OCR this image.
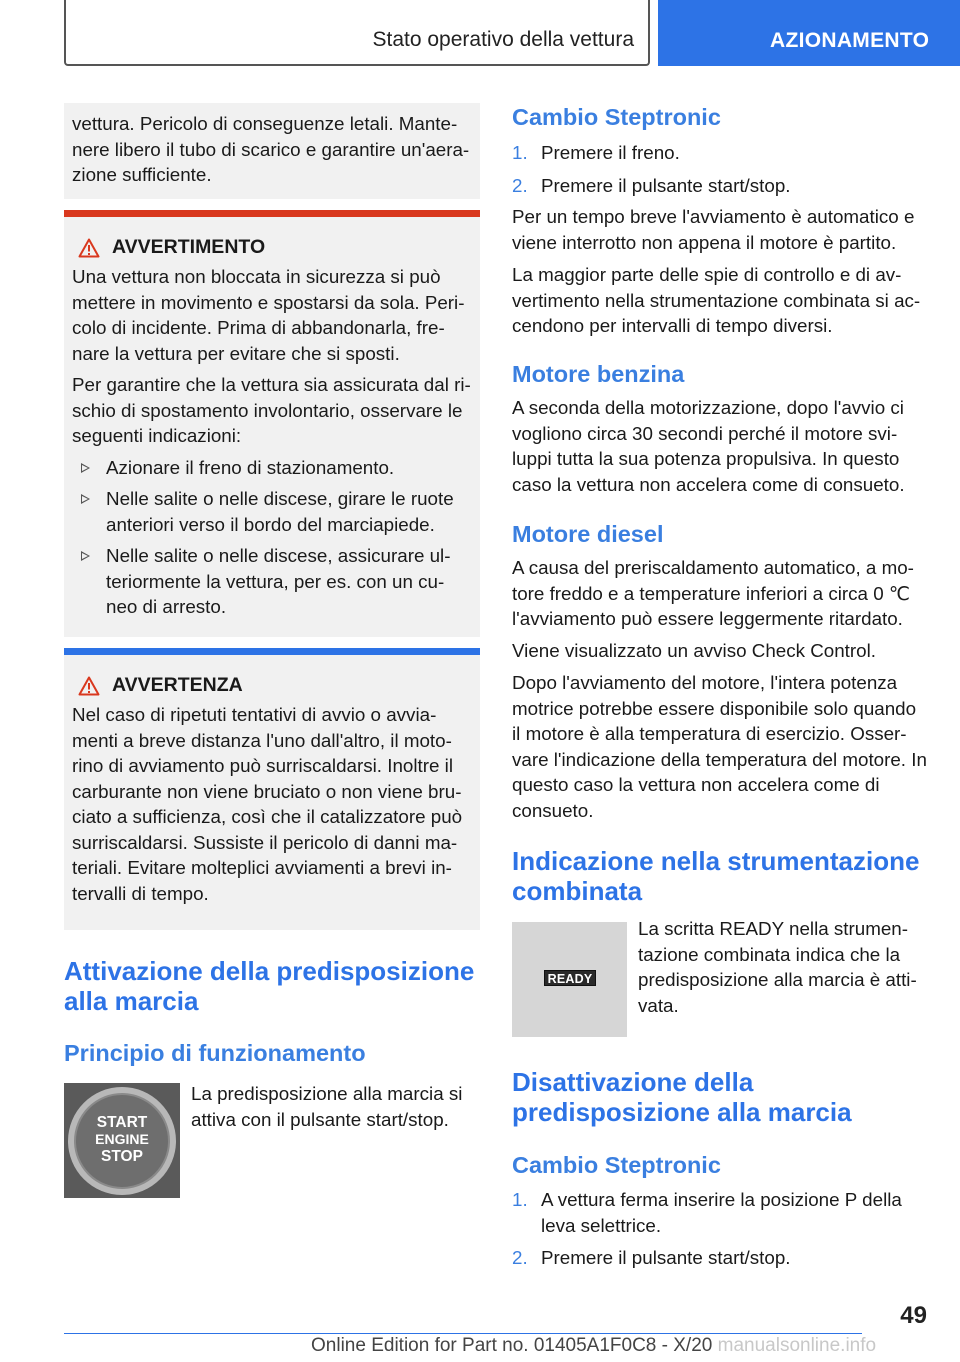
Stato operativo della vettura	AZIONAMENTO
vettura. Pericolo di conseguenze letali. Mante‐nere libero il tubo di scarico e garantire un'aera‐zione sufficiente.
AVVERTIMENTO
Una vettura non bloccata in sicurezza si può mettere in movimento e spostarsi da sola. Peri‐colo di incidente. Prima di abbandonarla, fre‐nare la vettura per evitare che si sposti.
Per garantire che la vettura sia assicurata dal ri‐schio di spostamento involontario, osservare le seguenti indicazioni:
Azionare il freno di stazionamento.
Nelle salite o nelle discese, girare le ruote anteriori verso il bordo del marciapiede.
Nelle salite o nelle discese, assicurare ul‐teriormente la vettura, per es. con un cu‐neo di arresto.
AVVERTENZA
Nel caso di ripetuti tentativi di avvio o avvia‐menti a breve distanza l'uno dall'altro, il moto‐rino di avviamento può surriscaldarsi. Inoltre il carburante non viene bruciato o non viene bru‐ciato a sufficienza, così che il catalizzatore può surriscaldarsi. Sussiste il pericolo di danni ma‐teriali. Evitare molteplici avviamenti a brevi in‐tervalli di tempo.
Attivazione della predisposizione alla marcia
Principio di funzionamento
START
ENGINE
STOP
La predisposizione alla marcia si attiva con il pulsante start/stop.
Cambio Steptronic
1. Premere il freno.
2. Premere il pulsante start/stop.
Per un tempo breve l'avviamento è automatico e viene interrotto non appena il motore è partito.
La maggior parte delle spie di controllo e di av‐vertimento nella strumentazione combinata si ac‐cendono per intervalli di tempo diversi.
Motore benzina
A seconda della motorizzazione, dopo l'avvio ci vogliono circa 30 secondi perché il motore svi‐luppi tutta la sua potenza propulsiva. In questo caso la vettura non accelera come di consueto.
Motore diesel
A causa del preriscaldamento automatico, a mo‐tore freddo e a temperature inferiori a circa 0 ℃ l'avviamento può essere leggermente ritardato.
Viene visualizzato un avviso Check Control.
Dopo l'avviamento del motore, l'intera potenza motrice potrebbe essere disponibile solo quando il motore è alla temperatura di esercizio. Osser‐vare l'indicazione della temperatura del motore. In questo caso la vettura non accelera come di consueto.
Indicazione nella strumentazione combinata
READY
La scritta READY nella strumen‐tazione combinata indica che la predisposizione alla marcia è atti‐vata.
Disattivazione della predisposizione alla marcia
Cambio Steptronic
1. A vettura ferma inserire la posizione P della leva selettrice.
2. Premere il pulsante start/stop.
49
Online Edition for Part no. 01405A1F0C8 - X/20 manualsonline.info
